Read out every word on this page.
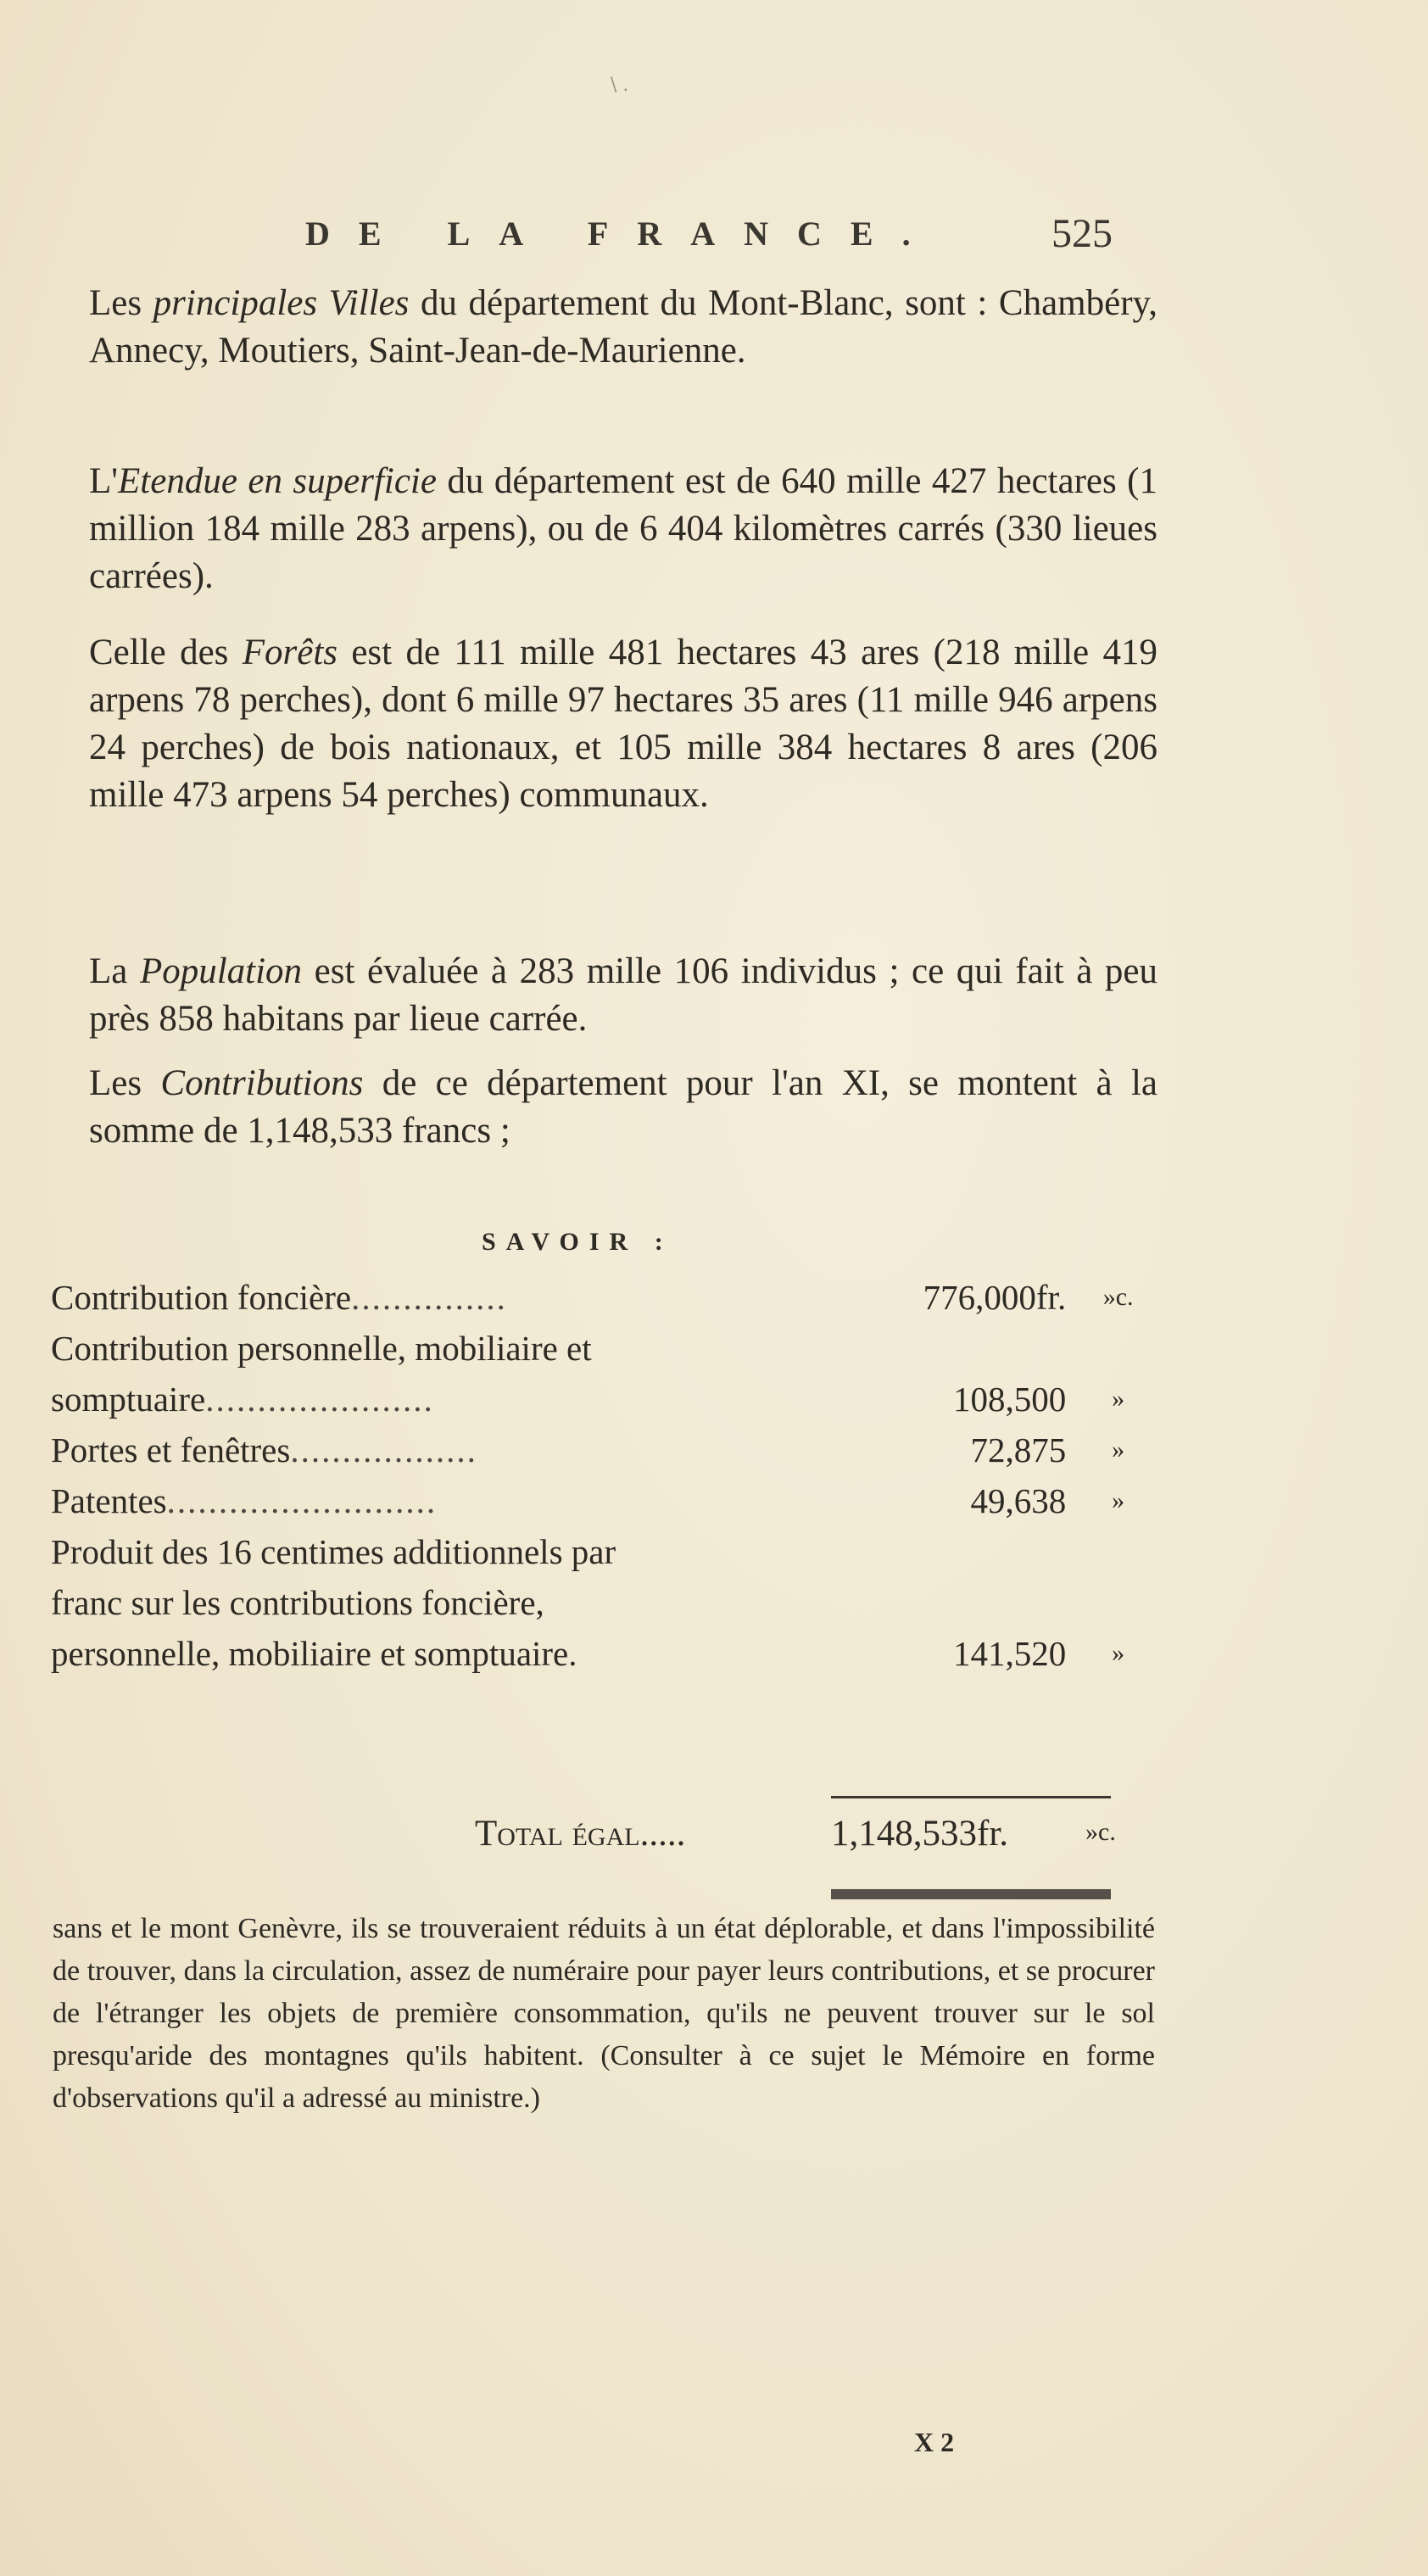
\ .
DE LA FRANCE.	525

Les principales Villes du département du Mont-Blanc, sont : Chambéry, Annecy, Moutiers, Saint-Jean-de-Maurienne.

L'Etendue en superficie du département est de 640 mille 427 hectares (1 million 184 mille 283 arpens), ou de 6 404 kilomètres carrés (330 lieues carrées).

Celle des Forêts est de 111 mille 481 hectares 43 ares (218 mille 419 arpens 78 perches), dont 6 mille 97 hectares 35 ares (11 mille 946 arpens 24 perches) de bois nationaux, et 105 mille 384 hectares 8 ares (206 mille 473 arpens 54 perches) communaux.

La Population est évaluée à 283 mille 106 individus ; ce qui fait à peu près 858 habitans par lieue carrée.

Les Contributions de ce département pour l'an XI, se montent à la somme de 1,148,533 francs ;

SAVOIR :
Contribution foncière...............	776,000fr.	»c.
Contribution personnelle, mobiliaire et		
somptuaire......................	108,500	»
Portes et fenêtres..................	72,875	»
Patentes..........................	49,638	»
Produit des 16 centimes additionnels par		
franc sur les contributions foncière,		
personnelle, mobiliaire et somptuaire.	141,520	»
Total égal.....	1,148,533fr.	»c.

sans et le mont Genèvre, ils se trouveraient réduits à un état déplorable, et dans l'impossibilité de trouver, dans la circulation, assez de numéraire pour payer leurs contributions, et se procurer de l'étranger les objets de première consommation, qu'ils ne peuvent trouver sur le sol presqu'aride des montagnes qu'ils habitent. (Consulter à ce sujet le Mémoire en forme d'observations qu'il a adressé au ministre.)

X 2
